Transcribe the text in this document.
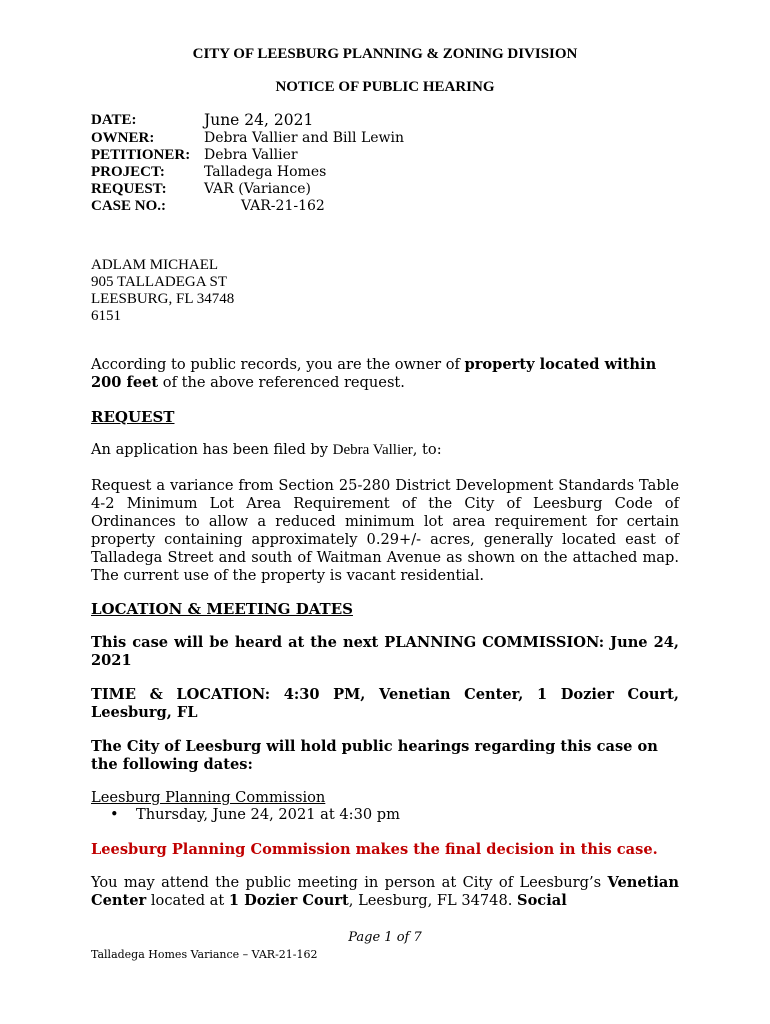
CITY OF LEESBURG PLANNING & ZONING DIVISION
NOTICE OF PUBLIC HEARING
DATE:	June 24, 2021
OWNER:	Debra Vallier and Bill Lewin
PETITIONER: Debra Vallier
PROJECT:	Talladega Homes
REQUEST:	VAR (Variance)
CASE NO.:	VAR-21-162
ADLAM MICHAEL
905 TALLADEGA ST
LEESBURG, FL 34748
6151
According to public records, you are the owner of property located within 200 feet of the above referenced request.
REQUEST
An application has been filed by Debra Vallier, to:
Request a variance from Section 25-280 District Development Standards Table 4-2 Minimum Lot Area Requirement of the City of Leesburg Code of Ordinances to allow a reduced minimum lot area requirement for certain property containing approximately 0.29+/- acres, generally located east of Talladega Street and south of Waitman Avenue as shown on the attached map. The current use of the property is vacant residential.
LOCATION & MEETING DATES
This case will be heard at the next PLANNING COMMISSION: June 24, 2021
TIME & LOCATION: 4:30 PM, Venetian Center, 1 Dozier Court, Leesburg, FL
The City of Leesburg will hold public hearings regarding this case on the following dates:
Leesburg Planning Commission
•	Thursday, June 24, 2021 at 4:30 pm
Leesburg Planning Commission makes the final decision in this case.
You may attend the public meeting in person at City of Leesburg’s Venetian Center located at 1 Dozier Court, Leesburg, FL 34748. Social
Page 1 of 7
Talladega Homes Variance – VAR-21-162
